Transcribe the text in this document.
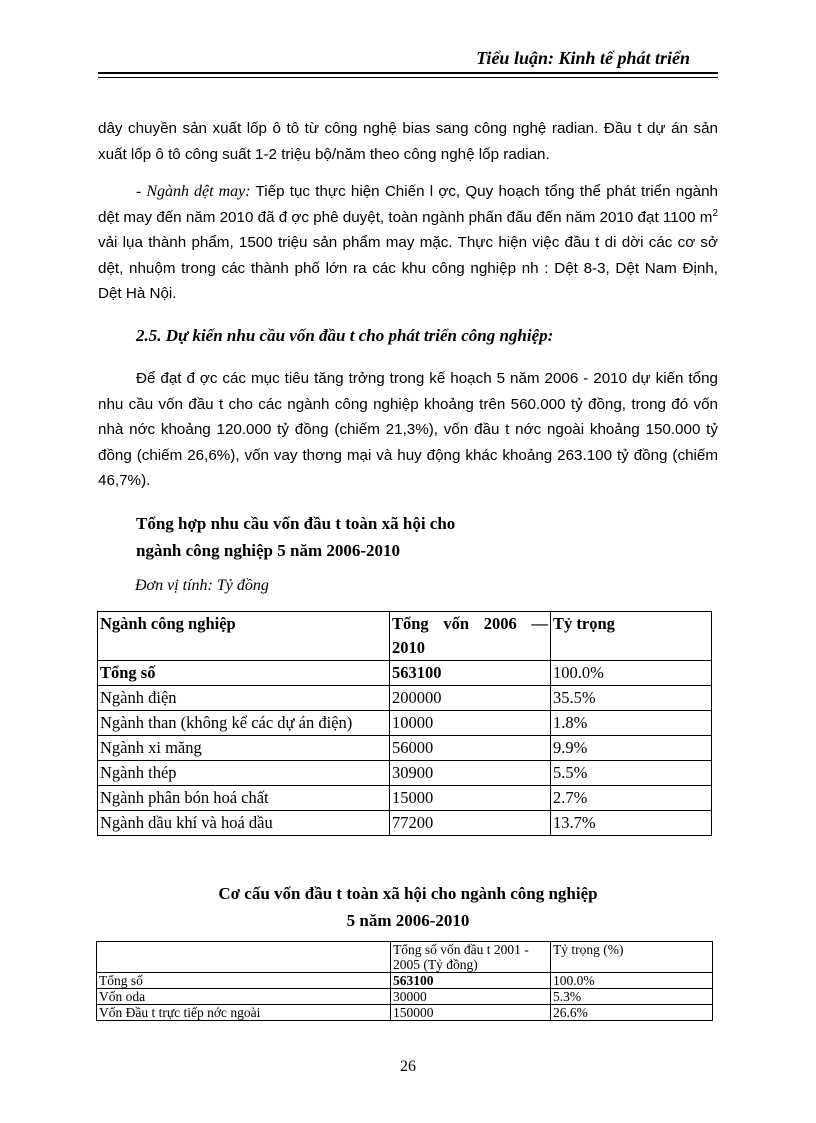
Tiểu luận: Kinh tế phát triển
dây chuyền sản xuất lốp ô tô từ công nghệ bias sang công nghệ radian. Đầu t dự án sản xuất lốp ô tô công suất 1-2 triệu bộ/năm theo công nghệ lốp radian.
- Ngành dệt may: Tiếp tục thực hiện Chiến l ợc, Quy hoạch tổng thể phát triển ngành dệt may đến năm 2010 đã đ ợc phê duyệt, toàn ngành phấn đấu đến năm 2010 đạt 1100 $m^2$ vải lụa thành phẩm, 1500 triệu sản phẩm may mặc. Thực hiện việc đầu t di dời các cơ sở dệt, nhuộm trong các thành phố lớn ra các khu công nghiệp nh : Dệt 8-3, Dệt Nam Định, Dệt Hà Nội.
2.5. Dự kiến nhu cầu vốn đầu t cho phát triển công nghiệp:
Để đạt đ ợc các mục tiêu tăng trởng trong kế hoạch 5 năm 2006 - 2010 dự kiến tổng nhu cầu vốn đầu t cho các ngành công nghiệp khoảng trên 560.000 tỷ đồng, trong đó vốn nhà nớc khoảng 120.000 tỷ đồng (chiếm 21,3%), vốn đầu t nớc ngoài khoảng 150.000 tỷ đồng (chiếm 26,6%), vốn vay thơng mại và huy động khác khoảng 263.100 tỷ đồng (chiếm 46,7%).
Tổng hợp nhu cầu vốn đầu t toàn xã hội cho
ngành công nghiệp 5 năm 2006-2010
Đơn vị tính: Tỷ đồng
Ngành công nghiệp	Tổng vốn 2006 — 2010	Tỷ trọng
Tổng số	563100	100.0%
Ngành điện	200000	35.5%
Ngành than (không kể các dự án điện)	10000	1.8%
Ngành xi măng	56000	9.9%
Ngành thép	30900	5.5%
Ngành phân bón hoá chất	15000	2.7%
Ngành dầu khí và hoá dầu	77200	13.7%
Cơ cấu vốn đầu t toàn xã hội cho ngành công nghiệp
5 năm 2006-2010
	Tổng số vốn đầu t 2001 - 2005 (Tỷ đồng)	Tỷ trọng (%)
Tổng số	563100	100.0%
Vốn oda	30000	5.3%
Vốn Đầu t trực tiếp nớc ngoài	150000	26.6%
26
